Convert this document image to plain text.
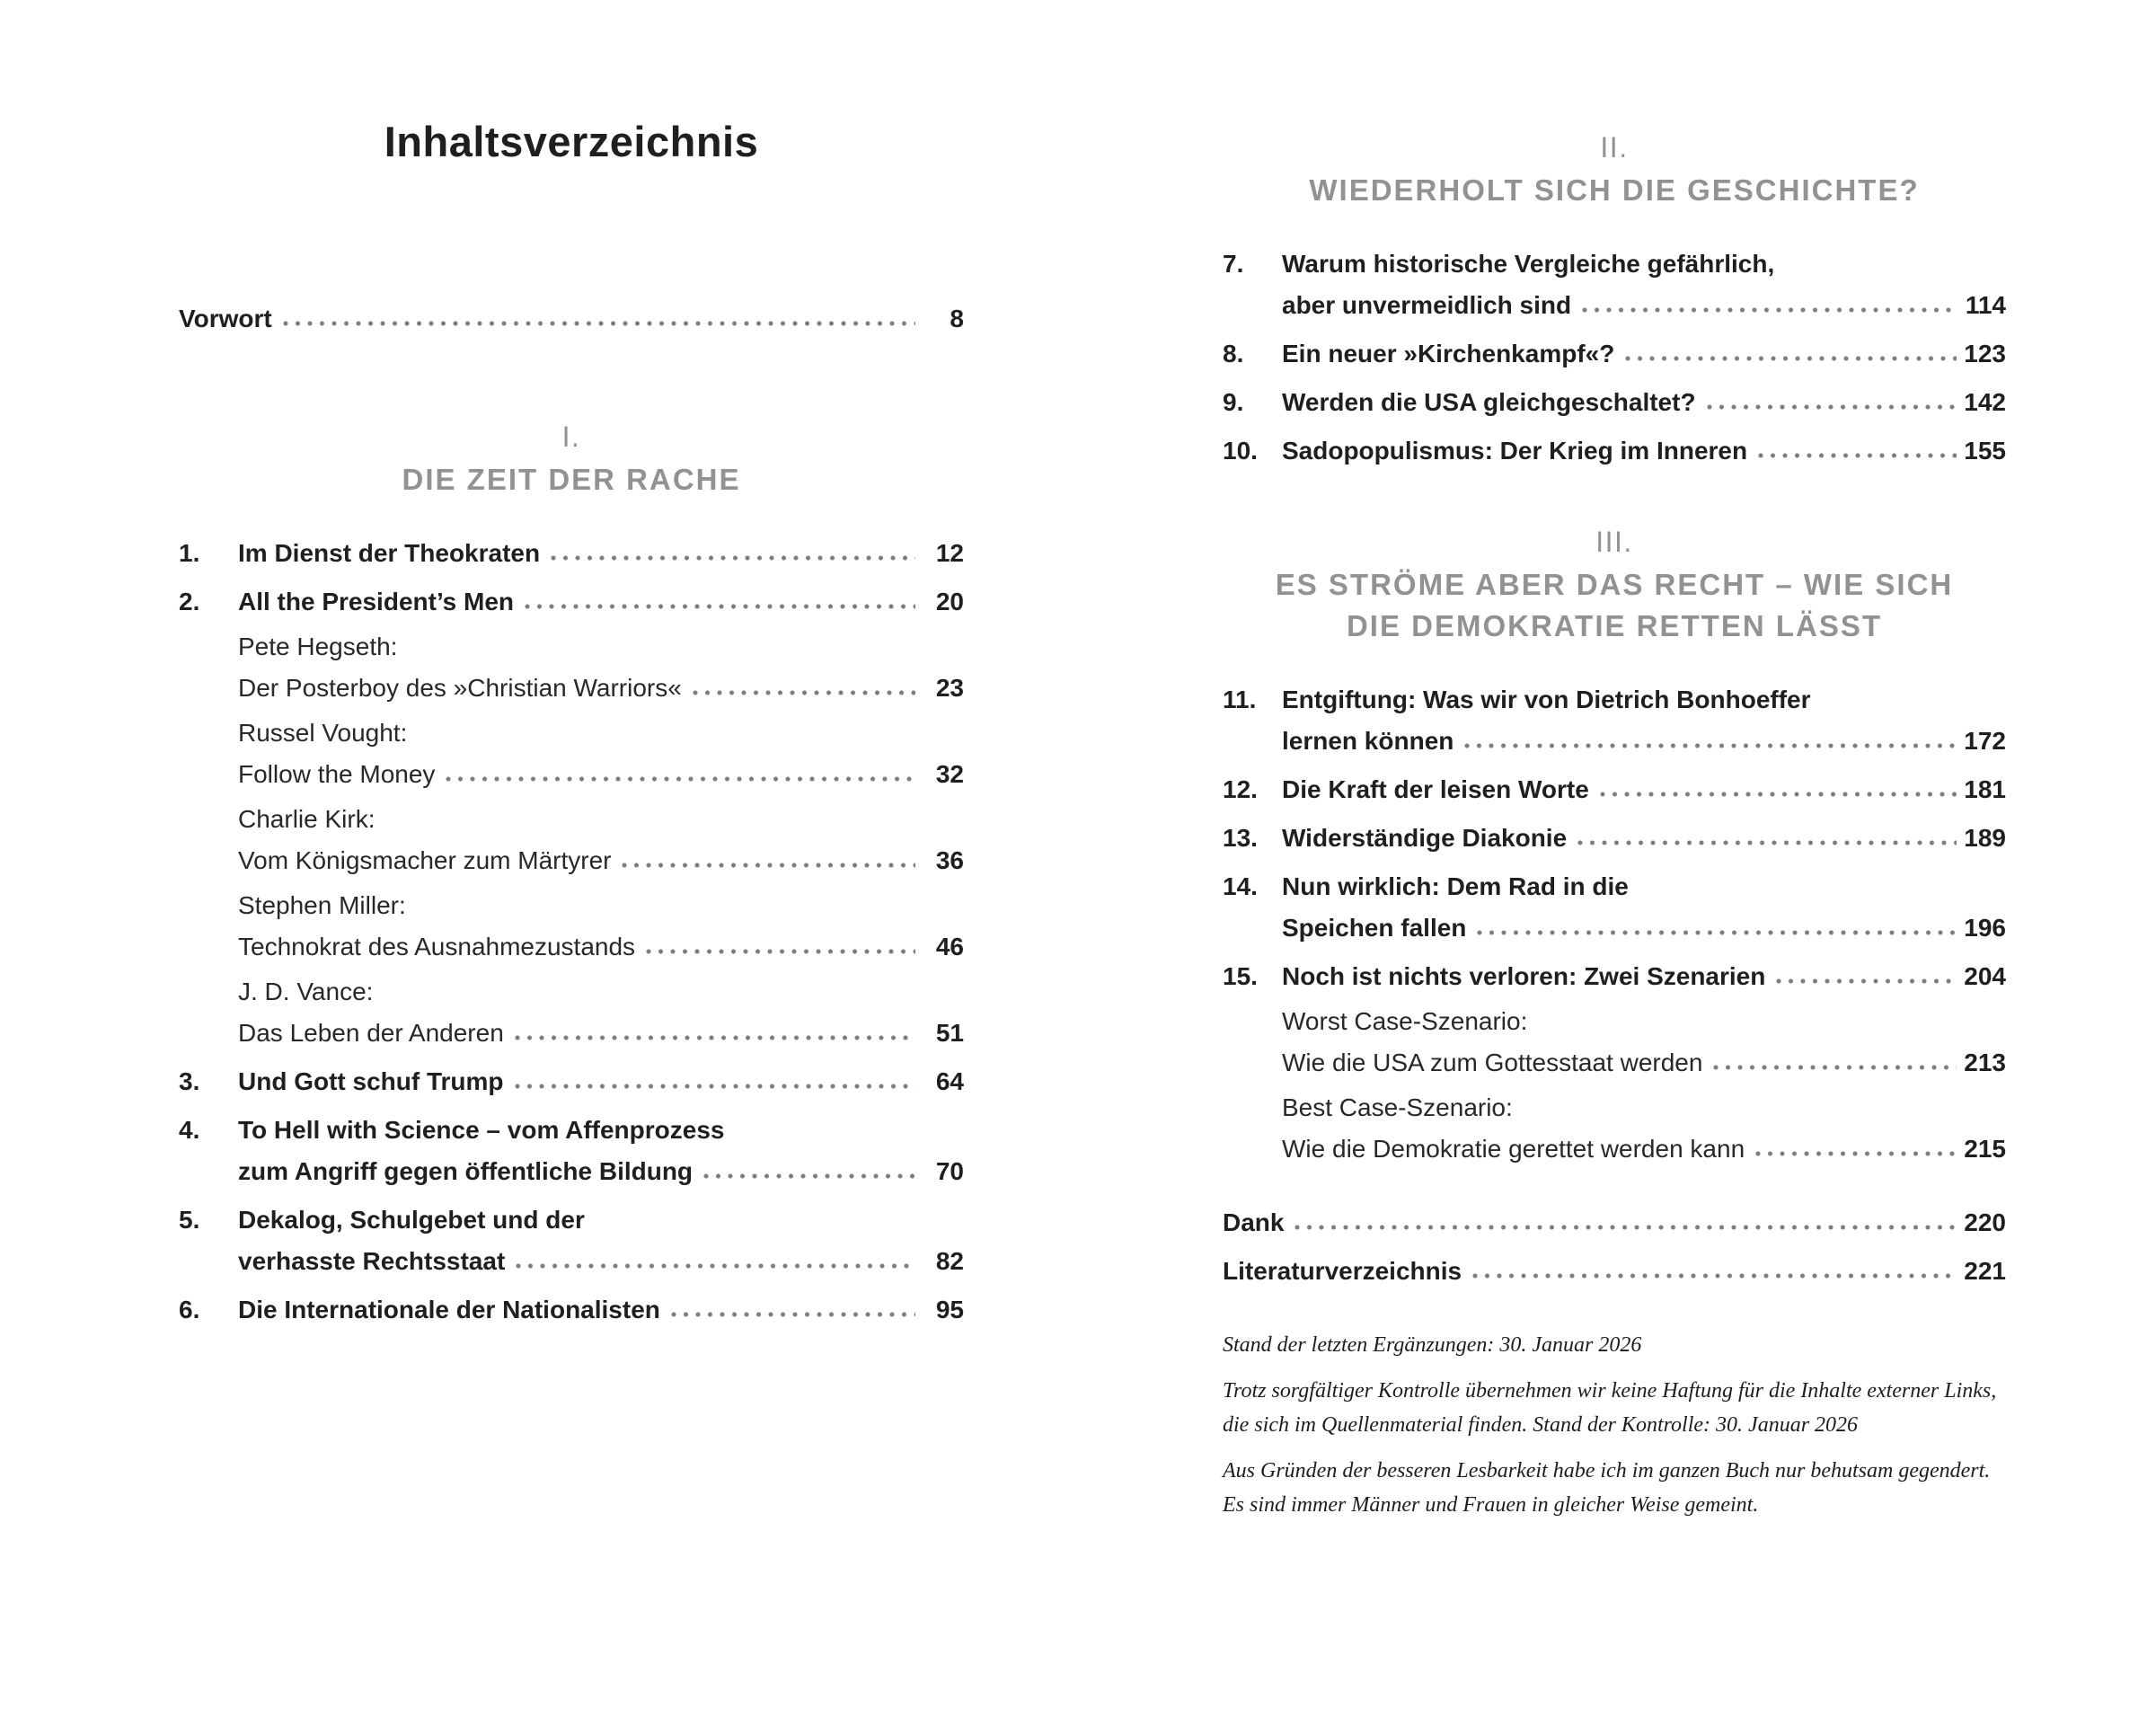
Inhaltsverzeichnis
Vorwort	8
I.
DIE ZEIT DER RACHE
1.	Im Dienst der Theokraten	12
2.	All the President’s Men	20
Pete Hegseth:
Der Posterboy des »Christian Warriors«	23
Russel Vought:
Follow the Money	32
Charlie Kirk:
Vom Königsmacher zum Märtyrer	36
Stephen Miller:
Technokrat des Ausnahmezustands	46
J. D. Vance:
Das Leben der Anderen	51
3.	Und Gott schuf Trump	64
4.	To Hell with Science – vom Affenprozess
zum Angriff gegen öffentliche Bildung	70
5.	Dekalog, Schulgebet und der
verhasste Rechtsstaat	82
6.	Die Internationale der Nationalisten	95
II.
WIEDERHOLT SICH DIE GESCHICHTE?
7.	Warum historische Vergleiche gefährlich,
aber unvermeidlich sind	114
8.	Ein neuer »Kirchenkampf«?	123
9.	Werden die USA gleichgeschaltet?	142
10. Sadopopulismus: Der Krieg im Inneren	155
III.
ES STRÖME ABER DAS RECHT – WIE SICH
DIE DEMOKRATIE RETTEN LÄSST
11.	Entgiftung: Was wir von Dietrich Bonhoeffer
lernen können	172
12. Die Kraft der leisen Worte	181
13. Widerständige Diakonie	189
14. Nun wirklich: Dem Rad in die
Speichen fallen	196
15. Noch ist nichts verloren: Zwei Szenarien	204
Worst Case-Szenario:
Wie die USA zum Gottesstaat werden	213
Best Case-Szenario:
Wie die Demokratie gerettet werden kann	215
Dank	220
Literaturverzeichnis	221
Stand der letzten Ergänzungen: 30. Januar 2026
Trotz sorgfältiger Kontrolle übernehmen wir keine Haftung für die Inhalte externer Links,
die sich im Quellenmaterial finden. Stand der Kontrolle: 30. Januar 2026
Aus Gründen der besseren Lesbarkeit habe ich im ganzen Buch nur behutsam gegendert.
Es sind immer Männer und Frauen in gleicher Weise gemeint.
